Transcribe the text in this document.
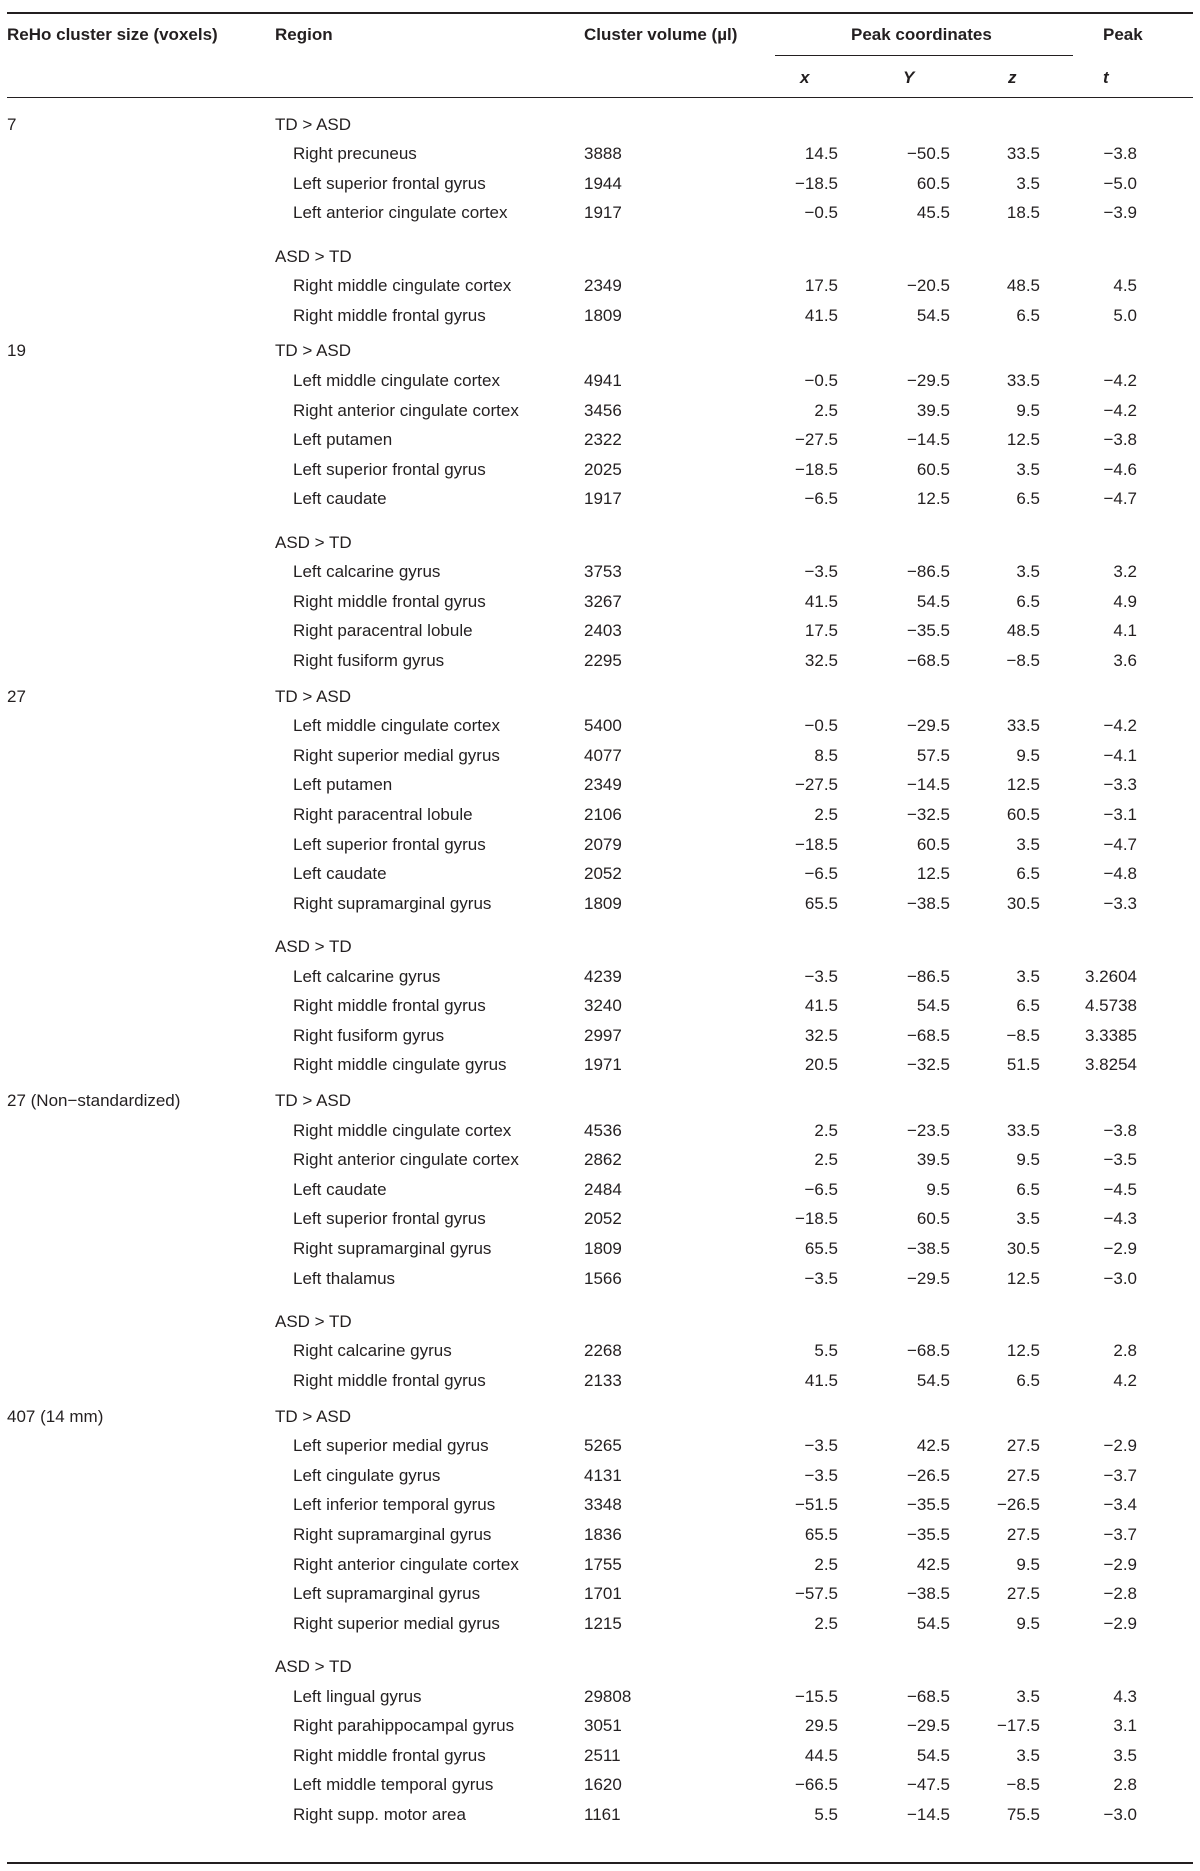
ReHo cluster size (voxels)	Region	Cluster volume (µl)	Peak coordinates	Peak
x	Y	z	t
7	TD > ASD
Right precuneus	3888	14.5	−50.5	33.5	−3.8
Left superior frontal gyrus	1944	−18.5	60.5	3.5	−5.0
Left anterior cingulate cortex	1917	−0.5	45.5	18.5	−3.9
ASD > TD
Right middle cingulate cortex	2349	17.5	−20.5	48.5	4.5
Right middle frontal gyrus	1809	41.5	54.5	6.5	5.0
19	TD > ASD
Left middle cingulate cortex	4941	−0.5	−29.5	33.5	−4.2
Right anterior cingulate cortex	3456	2.5	39.5	9.5	−4.2
Left putamen	2322	−27.5	−14.5	12.5	−3.8
Left superior frontal gyrus	2025	−18.5	60.5	3.5	−4.6
Left caudate	1917	−6.5	12.5	6.5	−4.7
ASD > TD
Left calcarine gyrus	3753	−3.5	−86.5	3.5	3.2
Right middle frontal gyrus	3267	41.5	54.5	6.5	4.9
Right paracentral lobule	2403	17.5	−35.5	48.5	4.1
Right fusiform gyrus	2295	32.5	−68.5	−8.5	3.6
27	TD > ASD
Left middle cingulate cortex	5400	−0.5	−29.5	33.5	−4.2
Right superior medial gyrus	4077	8.5	57.5	9.5	−4.1
Left putamen	2349	−27.5	−14.5	12.5	−3.3
Right paracentral lobule	2106	2.5	−32.5	60.5	−3.1
Left superior frontal gyrus	2079	−18.5	60.5	3.5	−4.7
Left caudate	2052	−6.5	12.5	6.5	−4.8
Right supramarginal gyrus	1809	65.5	−38.5	30.5	−3.3
ASD > TD
Left calcarine gyrus	4239	−3.5	−86.5	3.5	3.2604
Right middle frontal gyrus	3240	41.5	54.5	6.5	4.5738
Right fusiform gyrus	2997	32.5	−68.5	−8.5	3.3385
Right middle cingulate gyrus	1971	20.5	−32.5	51.5	3.8254
27 (Non−standardized)	TD > ASD
Right middle cingulate cortex	4536	2.5	−23.5	33.5	−3.8
Right anterior cingulate cortex	2862	2.5	39.5	9.5	−3.5
Left caudate	2484	−6.5	9.5	6.5	−4.5
Left superior frontal gyrus	2052	−18.5	60.5	3.5	−4.3
Right supramarginal gyrus	1809	65.5	−38.5	30.5	−2.9
Left thalamus	1566	−3.5	−29.5	12.5	−3.0
ASD > TD
Right calcarine gyrus	2268	5.5	−68.5	12.5	2.8
Right middle frontal gyrus	2133	41.5	54.5	6.5	4.2
407 (14 mm)	TD > ASD
Left superior medial gyrus	5265	−3.5	42.5	27.5	−2.9
Left cingulate gyrus	4131	−3.5	−26.5	27.5	−3.7
Left inferior temporal gyrus	3348	−51.5	−35.5	−26.5	−3.4
Right supramarginal gyrus	1836	65.5	−35.5	27.5	−3.7
Right anterior cingulate cortex	1755	2.5	42.5	9.5	−2.9
Left supramarginal gyrus	1701	−57.5	−38.5	27.5	−2.8
Right superior medial gyrus	1215	2.5	54.5	9.5	−2.9
ASD > TD
Left lingual gyrus	29808	−15.5	−68.5	3.5	4.3
Right parahippocampal gyrus	3051	29.5	−29.5	−17.5	3.1
Right middle frontal gyrus	2511	44.5	54.5	3.5	3.5
Left middle temporal gyrus	1620	−66.5	−47.5	−8.5	2.8
Right supp. motor area	1161	5.5	−14.5	75.5	−3.0
